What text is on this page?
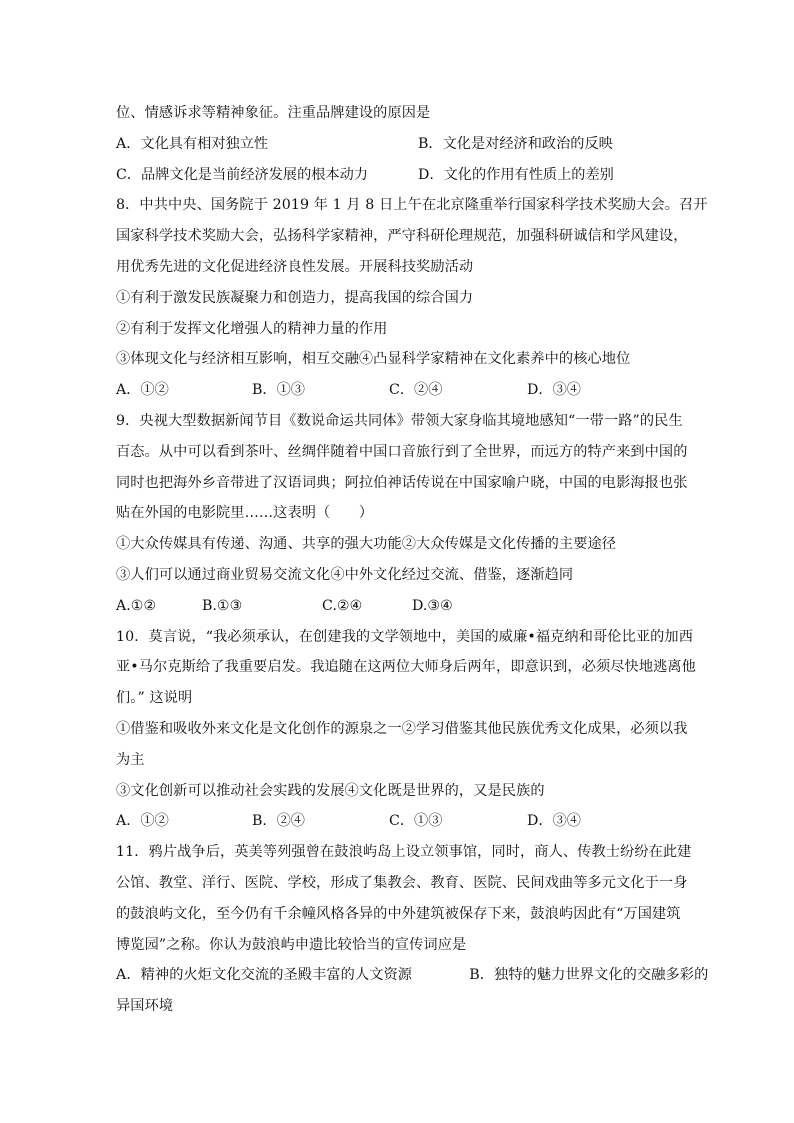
位、情感诉求等精神象征。注重品牌建设的原因是
A．文化具有相对独立性	B．文化是对经济和政治的反映
C．品牌文化是当前经济发展的根本动力	D．文化的作用有性质上的差别
8．中共中央、国务院于 2019 年 1 月 8 日上午在北京隆重举行国家科学技术奖励大会。召开
国家科学技术奖励大会，弘扬科学家精神，严守科研伦理规范，加强科研诚信和学风建设，
用优秀先进的文化促进经济良性发展。开展科技奖励活动
①有利于激发民族凝聚力和创造力，提高我国的综合国力
②有利于发挥文化增强人的精神力量的作用
③体现文化与经济相互影响，相互交融④凸显科学家精神在文化素养中的核心地位
A．①②	B．①③	C．②④	D．③④
9．央视大型数据新闻节目《数说命运共同体》带领大家身临其境地感知“一带一路”的民生
百态。从中可以看到茶叶、丝绸伴随着中国口音旅行到了全世界，而远方的特产来到中国的
同时也把海外乡音带进了汉语词典；阿拉伯神话传说在中国家喻户晓，中国的电影海报也张
贴在外国的电影院里……这表明（　　）
①大众传媒具有传递、沟通、共享的强大功能②大众传媒是文化传播的主要途径
③人们可以通过商业贸易交流文化④中外文化经过交流、借鉴，逐渐趋同
A.①②	B.①③	C.②④	D.③④
10．莫言说，“我必须承认，在创建我的文学领地中，美国的威廉•福克纳和哥伦比亚的加西
亚•马尔克斯给了我重要启发。我追随在这两位大师身后两年，即意识到，必须尽快地逃离他
们。” 这说明
①借鉴和吸收外来文化是文化创作的源泉之一②学习借鉴其他民族优秀文化成果，必须以我
为主
③文化创新可以推动社会实践的发展④文化既是世界的，又是民族的
A．①②	B．②④	C．①③	D．③④
11．鸦片战争后，英美等列强曾在鼓浪屿岛上设立领事馆，同时，商人、传教士纷纷在此建
公馆、教堂、洋行、医院、学校，形成了集教会、教育、医院、民间戏曲等多元文化于一身
的鼓浪屿文化，至今仍有千余幢风格各异的中外建筑被保存下来，鼓浪屿因此有“万国建筑
博览园”之称。你认为鼓浪屿申遗比较恰当的宣传词应是
A．精神的火炬文化交流的圣殿丰富的人文资源　　　　B．独特的魅力世界文化的交融多彩的
异国环境
